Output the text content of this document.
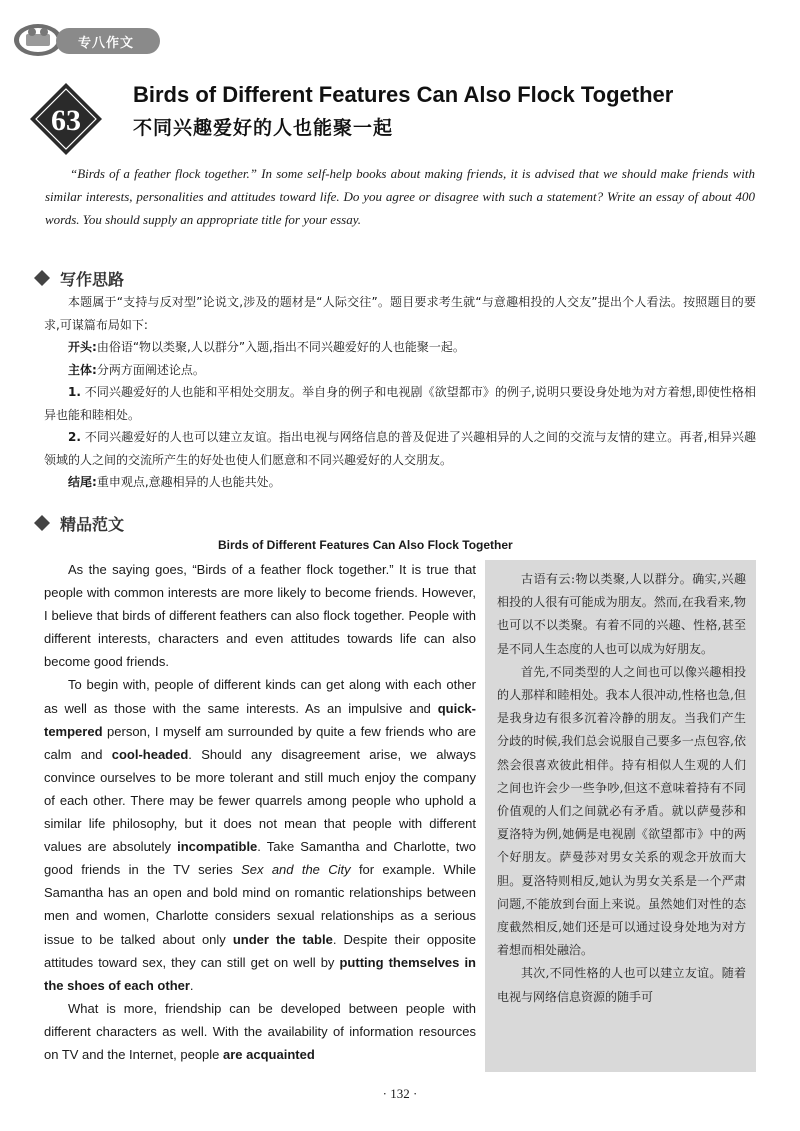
专八作文
63
Birds of Different Features Can Also Flock Together
不同兴趣爱好的人也能聚一起

“Birds of a feather flock together.” In some self-help books about making friends, it is advised that we should make friends with similar interests, personalities and attitudes toward life. Do you agree or disagree with such a statement? Write an essay of about 400 words. You should supply an appropriate title for your essay.

写作思路

本题属于“支持与反对型”论说文,涉及的题材是“人际交往”。题目要求考生就“与意趣相投的人交友”提出个人看法。按照题目的要求,可谋篇布局如下:

开头:由俗语“物以类聚,人以群分”入题,指出不同兴趣爱好的人也能聚一起。

主体:分两方面阐述论点。

1. 不同兴趣爱好的人也能和平相处交朋友。举自身的例子和电视剧《欲望都市》的例子,说明只要设身处地为对方着想,即使性格相异也能和睦相处。

2. 不同兴趣爱好的人也可以建立友谊。指出电视与网络信息的普及促进了兴趣相异的人之间的交流与友情的建立。再者,相异兴趣领域的人之间的交流所产生的好处也使人们愿意和不同兴趣爱好的人交朋友。

结尾:重申观点,意趣相异的人也能共处。

精品范文
Birds of Different Features Can Also Flock Together

As the saying goes, “Birds of a feather flock together.” It is true that people with common interests are more likely to become friends. However, I believe that birds of different feathers can also flock together. People with different interests, characters and even attitudes towards life can also become good friends.

To begin with, people of different kinds can get along with each other as well as those with the same interests. As an impulsive and quick-tempered person, I myself am surrounded by quite a few friends who are calm and cool-headed. Should any disagreement arise, we always convince ourselves to be more tolerant and still much enjoy the company of each other. There may be fewer quarrels among people who uphold a similar life philosophy, but it does not mean that people with different values are absolutely incompatible. Take Samantha and Charlotte, two good friends in the TV series Sex and the City for example. While Samantha has an open and bold mind on romantic relationships between men and women, Charlotte considers sexual relationships as a serious issue to be talked about only under the table. Despite their opposite attitudes toward sex, they can still get on well by putting themselves in the shoes of each other.

What is more, friendship can be developed between people with different characters as well. With the availability of information resources on TV and the Internet, people are acquainted

古语有云:物以类聚,人以群分。确实,兴趣相投的人很有可能成为朋友。然而,在我看来,物也可以不以类聚。有着不同的兴趣、性格,甚至是不同人生态度的人也可以成为好朋友。

首先,不同类型的人之间也可以像兴趣相投的人那样和睦相处。我本人很冲动,性格也急,但是我身边有很多沉着冷静的朋友。当我们产生分歧的时候,我们总会说服自己要多一点包容,依然会很喜欢彼此相伴。持有相似人生观的人们之间也许会少一些争吵,但这不意味着持有不同价值观的人们之间就必有矛盾。就以萨曼莎和夏洛特为例,她俩是电视剧《欲望都市》中的两个好朋友。萨曼莎对男女关系的观念开放而大胆。夏洛特则相反,她认为男女关系是一个严肃问题,不能放到台面上来说。虽然她们对性的态度截然相反,她们还是可以通过设身处地为对方着想而相处融洽。

其次,不同性格的人也可以建立友谊。随着电视与网络信息资源的随手可

· 132 ·
